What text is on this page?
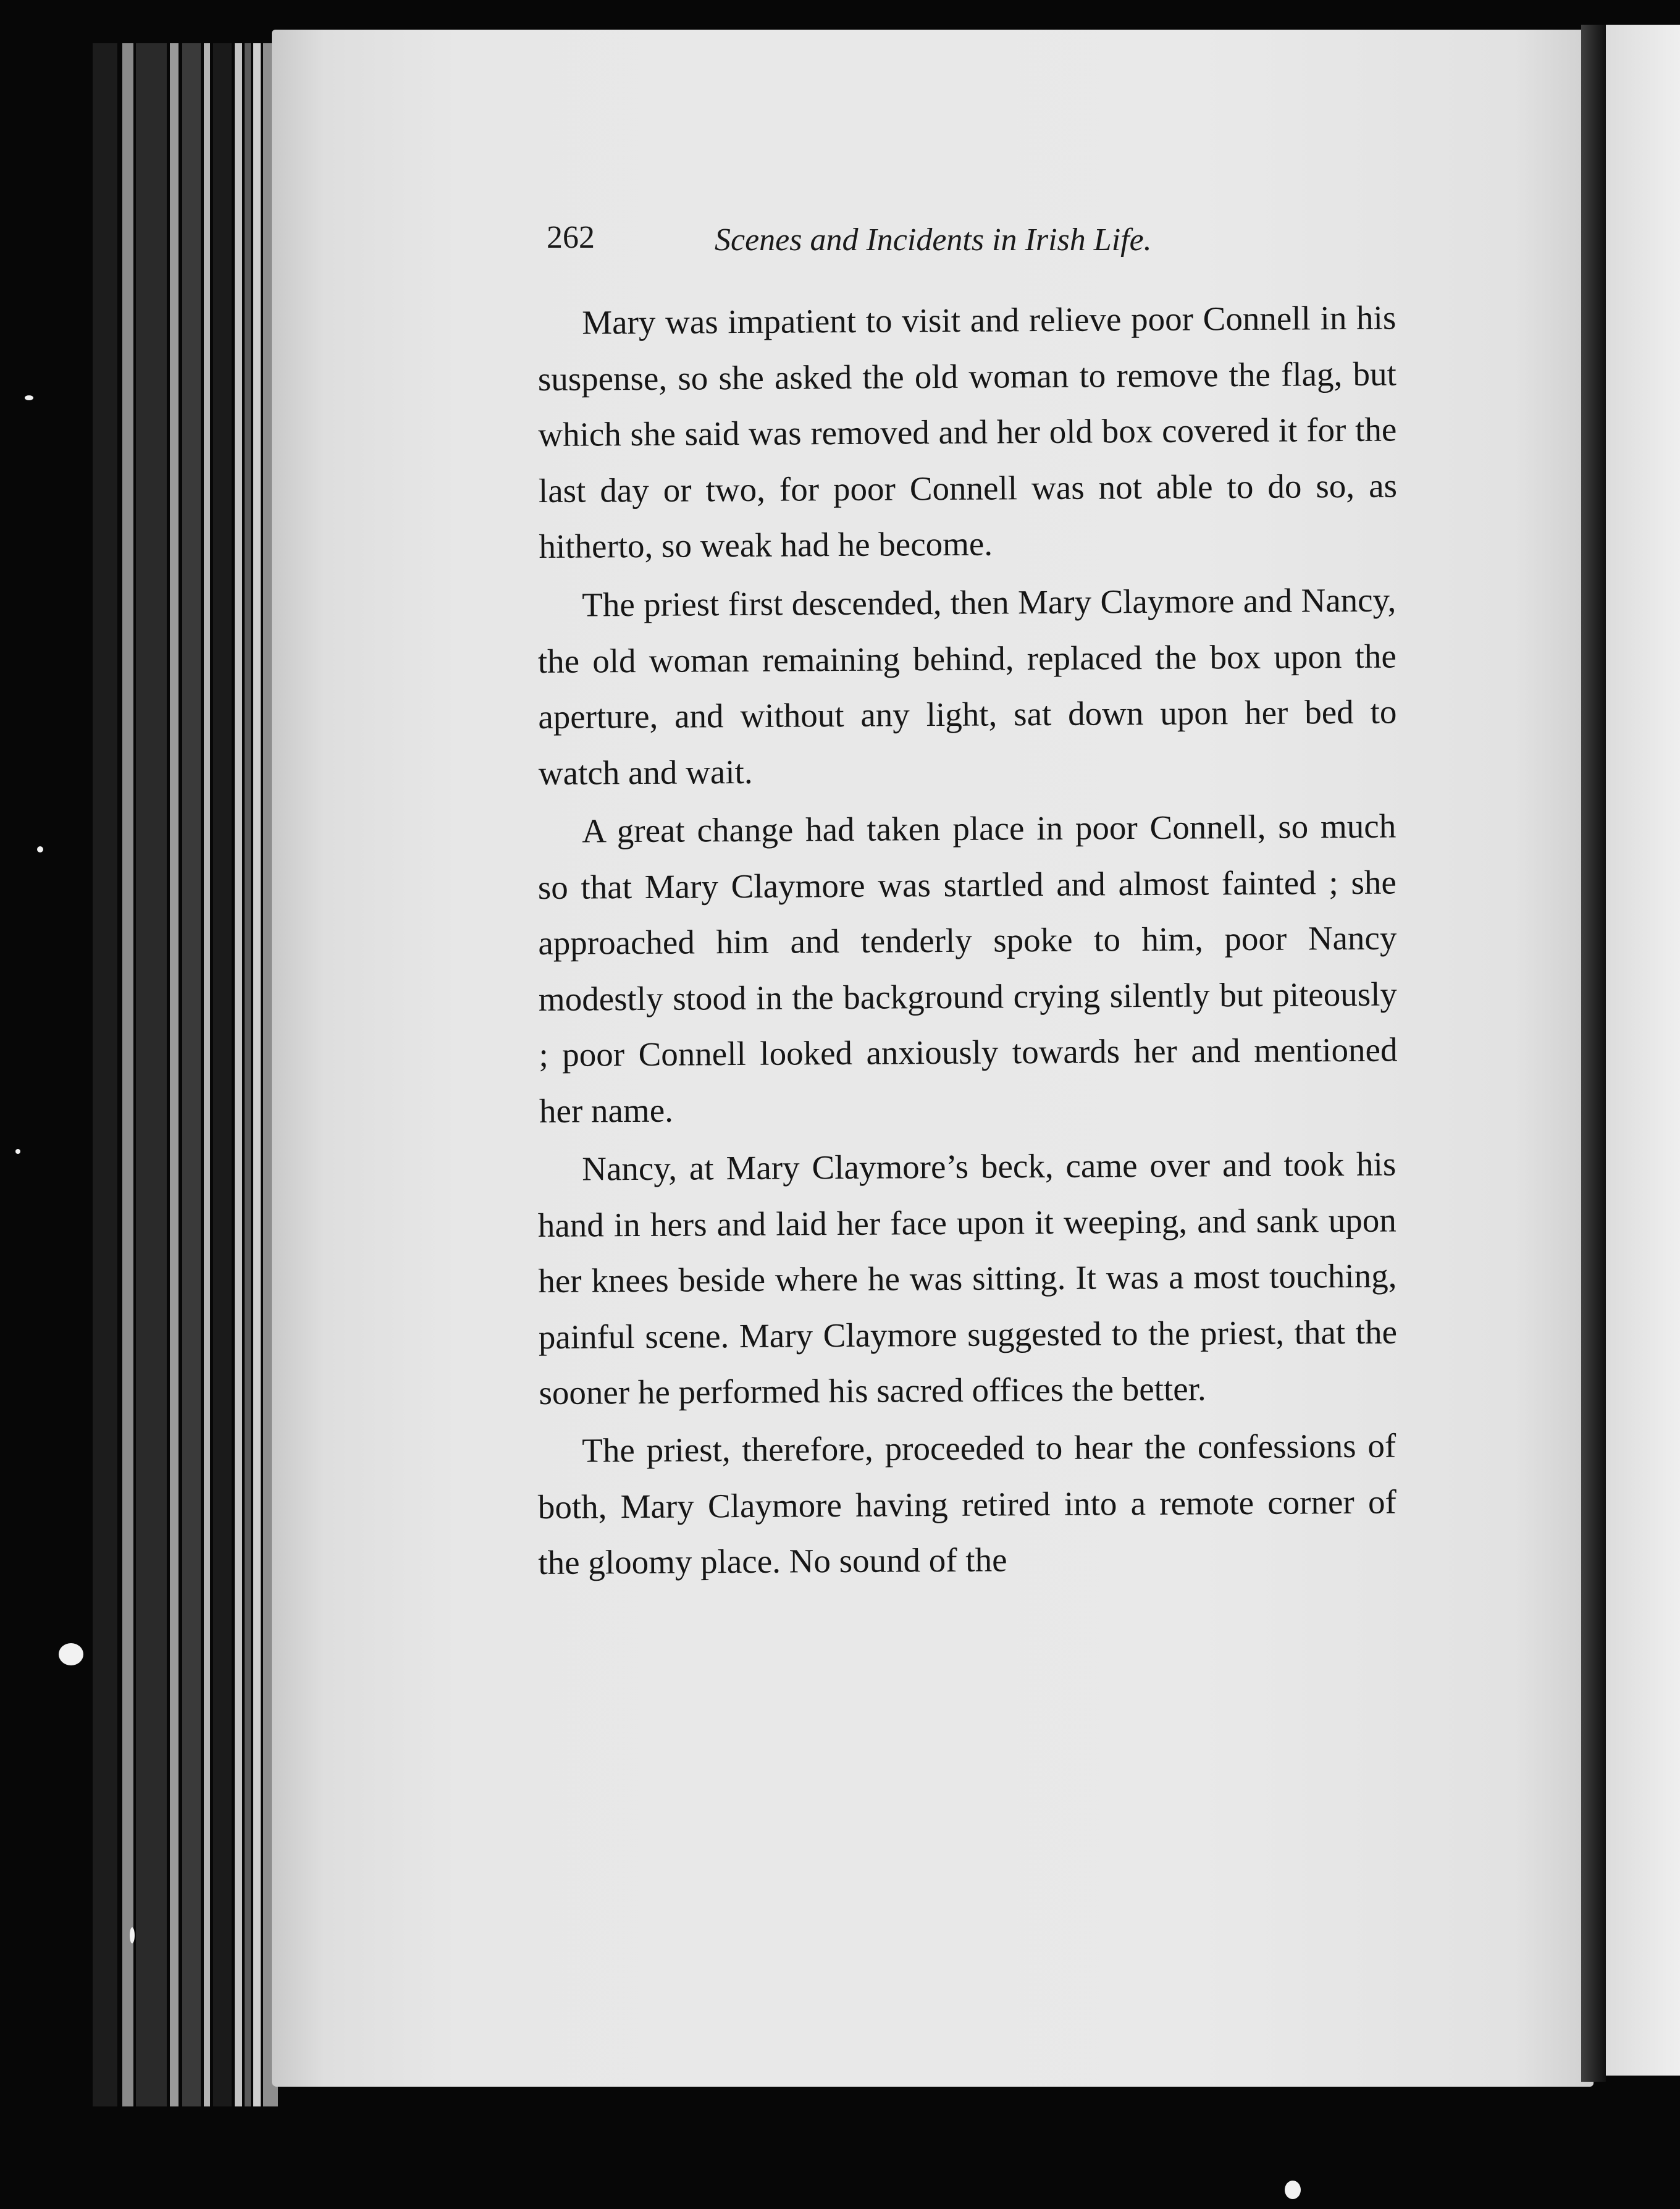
262	Scenes and Incidents in Irish Life.

Mary was impatient to visit and relieve poor Connell in his suspense, so she asked the old woman to remove the flag, but which she said was removed and her old box covered it for the last day or two, for poor Connell was not able to do so, as hitherto, so weak had he become.

The priest first descended, then Mary Claymore and Nancy, the old woman remaining behind, replaced the box upon the aperture, and without any light, sat down upon her bed to watch and wait.

A great change had taken place in poor Connell, so much so that Mary Claymore was startled and almost fainted ; she approached him and tenderly spoke to him, poor Nancy modestly stood in the background crying silently but piteously ; poor Connell looked anxiously towards her and mentioned her name.

Nancy, at Mary Claymore’s beck, came over and took his hand in hers and laid her face upon it weeping, and sank upon her knees beside where he was sitting. It was a most touching, painful scene. Mary Claymore suggested to the priest, that the sooner he performed his sacred offices the better.

The priest, therefore, proceeded to hear the confessions of both, Mary Claymore having retired into a remote corner of the gloomy place. No sound of the
